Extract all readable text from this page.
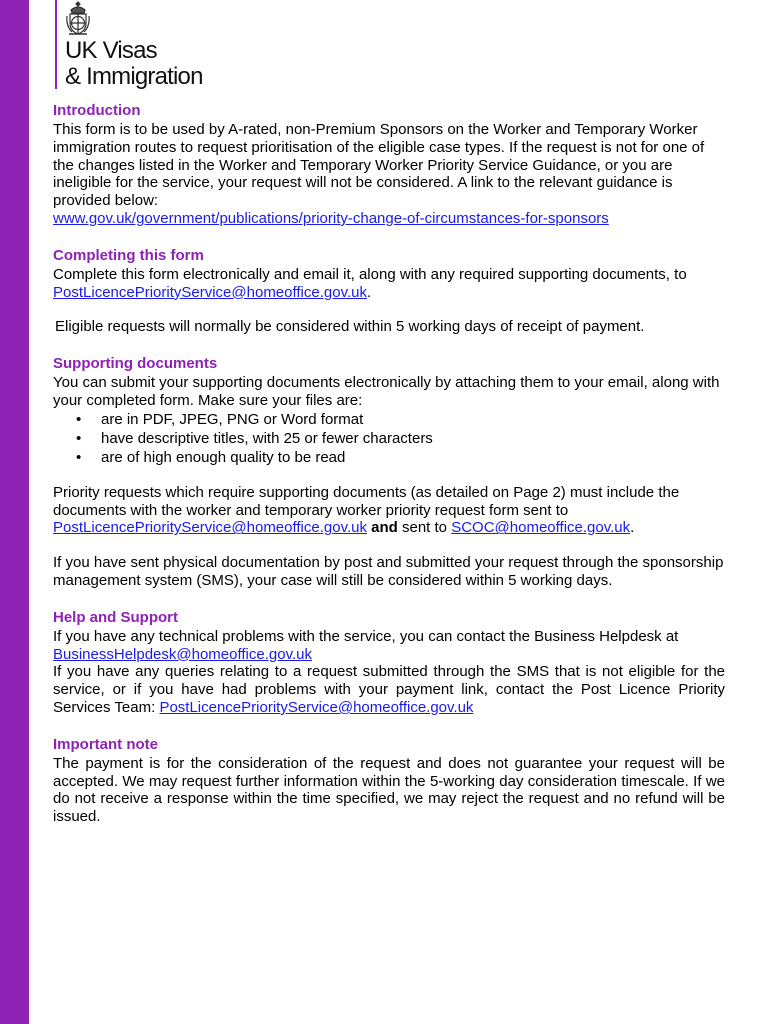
UK Visas
& Immigration
Introduction

This form is to be used by A-rated, non-Premium Sponsors on the Worker and Temporary Worker immigration routes to request prioritisation of the eligible case types. If the request is not for one of the changes listed in the Worker and Temporary Worker Priority Service Guidance, or you are ineligible for the service, your request will not be considered. A link to the relevant guidance is provided below:
www.gov.uk/government/publications/priority-change-of-circumstances-for-sponsors

Completing this form

Complete this form electronically and email it, along with any required supporting documents, to
PostLicencePriorityService@homeoffice.gov.uk.

Eligible requests will normally be considered within 5 working days of receipt of payment.

Supporting documents

You can submit your supporting documents electronically by attaching them to your email, along with your completed form. Make sure your files are:

• are in PDF, JPEG, PNG or Word format
• have descriptive titles, with 25 or fewer characters
• are of high enough quality to be read

Priority requests which require supporting documents (as detailed on Page 2) must include the documents with the worker and temporary worker priority request form sent to
PostLicencePriorityService@homeoffice.gov.uk and sent to SCOC@homeoffice.gov.uk.

If you have sent physical documentation by post and submitted your request through the sponsorship management system (SMS), your case will still be considered within 5 working days.

Help and Support

If you have any technical problems with the service, you can contact the Business Helpdesk at
BusinessHelpdesk@homeoffice.gov.uk

If you have any queries relating to a request submitted through the SMS that is not eligible for the service, or if you have had problems with your payment link, contact the Post Licence Priority Services Team: PostLicencePriorityService@homeoffice.gov.uk

Important note

The payment is for the consideration of the request and does not guarantee your request will be accepted. We may request further information within the 5-working day consideration timescale. If we do not receive a response within the time specified, we may reject the request and no refund will be issued.
